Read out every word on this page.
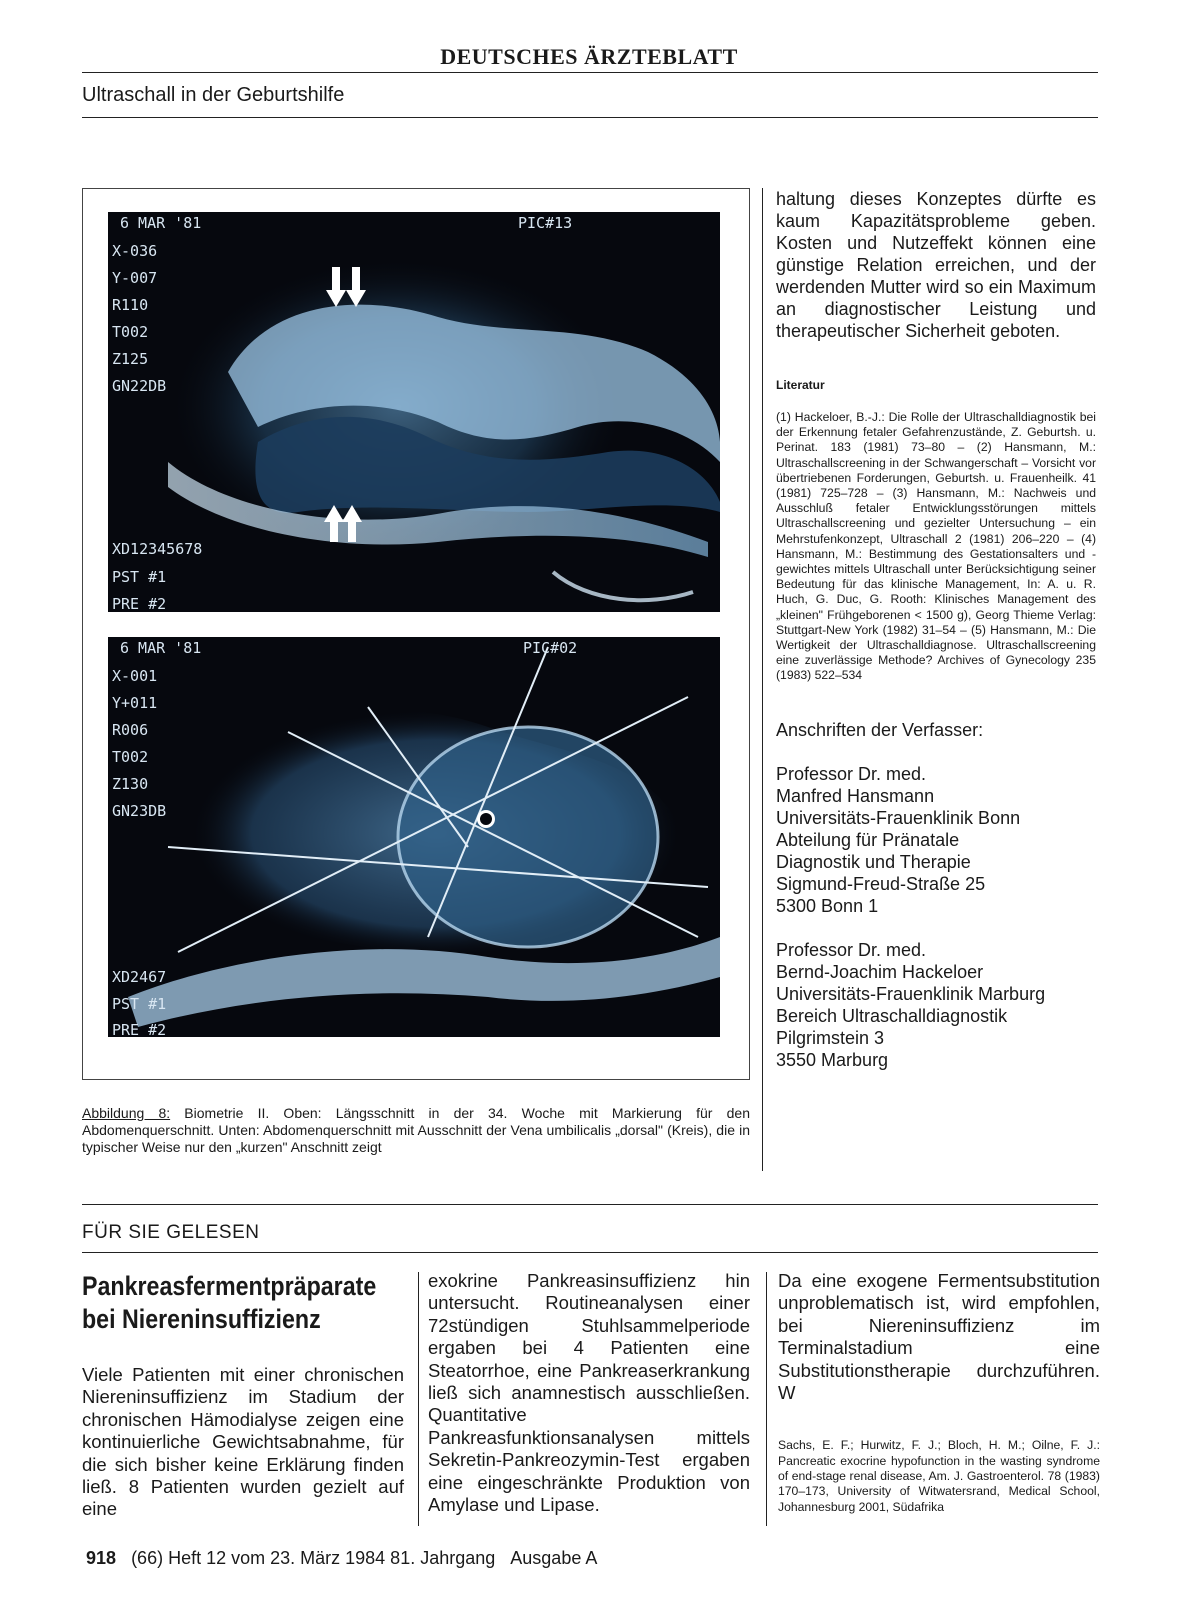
DEUTSCHES ÄRZTEBLATT
Ultraschall in der Geburtshilfe
6 MAR '81	PIC#13
X-036
Y-007
R110
T002
Z125
GN22DB
XD12345678
PST #1
PRE #2
6 MAR '81	PIC#02
X-001
Y+011
R006
T002
Z130
GN23DB
XD2467
PST #1
PRE #2
Abbildung 8: Biometrie II. Oben: Längsschnitt in der 34. Woche mit Markierung für den Abdomenquerschnitt. Unten: Abdomenquerschnitt mit Ausschnitt der Vena umbilicalis „dorsal" (Kreis), die in typischer Weise nur den „kurzen" Anschnitt zeigt

haltung dieses Konzeptes dürfte es kaum Kapazitätsprobleme geben. Kosten und Nutzeffekt können eine günstige Relation erreichen, und der werdenden Mutter wird so ein Maximum an diagnostischer Leistung und therapeutischer Sicherheit geboten.

Literatur

(1) Hackeloer, B.-J.: Die Rolle der Ultraschalldiagnostik bei der Erkennung fetaler Gefahrenzustände, Z. Geburtsh. u. Perinat. 183 (1981) 73–80 – (2) Hansmann, M.: Ultraschallscreening in der Schwangerschaft – Vorsicht vor übertriebenen Forderungen, Geburtsh. u. Frauenheilk. 41 (1981) 725–728 – (3) Hansmann, M.: Nachweis und Ausschluß fetaler Entwicklungsstörungen mittels Ultraschallscreening und gezielter Untersuchung – ein Mehrstufenkonzept, Ultraschall 2 (1981) 206–220 – (4) Hansmann, M.: Bestimmung des Gestationsalters und -gewichtes mittels Ultraschall unter Berücksichtigung seiner Bedeutung für das klinische Management, In: A. u. R. Huch, G. Duc, G. Rooth: Klinisches Management des „kleinen" Frühgeborenen < 1500 g), Georg Thieme Verlag: Stuttgart-New York (1982) 31–54 – (5) Hansmann, M.: Die Wertigkeit der Ultraschalldiagnose. Ultraschallscreening eine zuverlässige Methode? Archives of Gynecology 235 (1983) 522–534

Anschriften der Verfasser:

Professor Dr. med.
Manfred Hansmann
Universitäts-Frauenklinik Bonn
Abteilung für Pränatale
Diagnostik und Therapie
Sigmund-Freud-Straße 25
5300 Bonn 1

Professor Dr. med.
Bernd-Joachim Hackeloer
Universitäts-Frauenklinik Marburg
Bereich Ultraschalldiagnostik
Pilgrimstein 3
3550 Marburg

FÜR SIE GELESEN
Pankreasfermentpräparate bei Niereninsuffizienz

Viele Patienten mit einer chronischen Niereninsuffizienz im Stadium der chronischen Hämodialyse zeigen eine kontinuierliche Gewichtsabnahme, für die sich bisher keine Erklärung finden ließ. 8 Patienten wurden gezielt auf eine

exokrine Pankreasinsuffizienz hin untersucht. Routineanalysen einer 72stündigen Stuhlsammelperiode ergaben bei 4 Patienten eine Steatorrhoe, eine Pankreaserkrankung ließ sich anamnestisch ausschließen. Quantitative Pankreasfunktionsanalysen mittels Sekretin-Pankreozymin-Test ergaben eine eingeschränkte Produktion von Amylase und Lipase.

Da eine exogene Fermentsubstitution unproblematisch ist, wird empfohlen, bei Niereninsuffizienz im Terminalstadium eine Substitutionstherapie durchzuführen. W

Sachs, E. F.; Hurwitz, F. J.; Bloch, H. M.; Oilne, F. J.: Pancreatic exocrine hypofunction in the wasting syndrome of end-stage renal disease, Am. J. Gastroenterol. 78 (1983) 170–173, University of Witwatersrand, Medical School, Johannesburg 2001, Südafrika

918 (66) Heft 12 vom 23. März 1984 81. Jahrgang Ausgabe A
